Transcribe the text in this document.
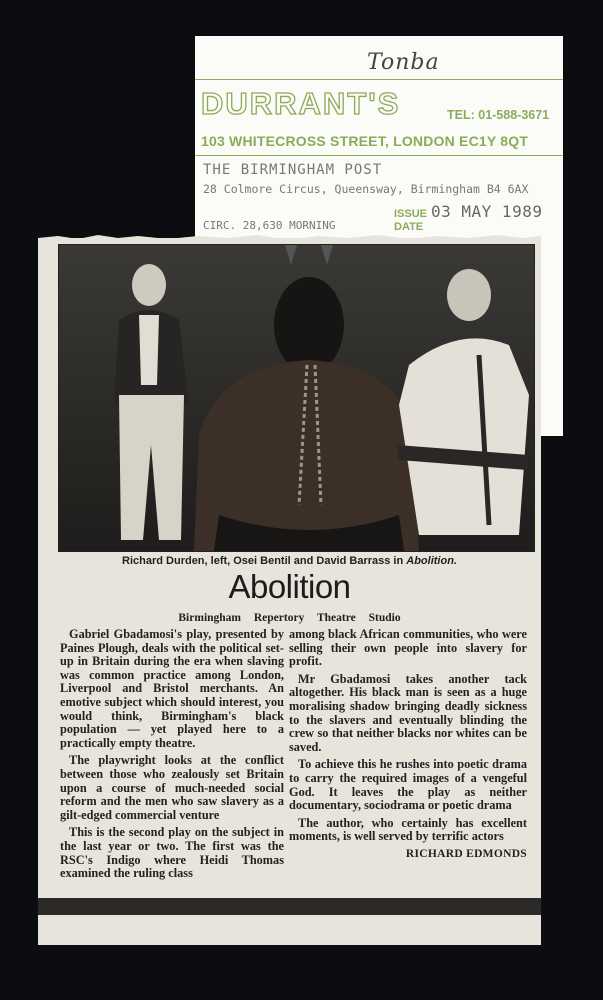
Tonba
DURRANT'S	TEL: 01-588-3671
103 WHITECROSS STREET, LONDON EC1Y 8QT
THE BIRMINGHAM POST
28 Colmore Circus, Queensway, Birmingham B4 6AX
CIRC. 28,630 MORNING
ISSUE
DATE
03 MAY 1989
Richard Durden, left, Osei Bentil and David Barrass in Abolition.
Abolition
Birmingham Repertory Theatre Studio

Gabriel Gbadamosi's play, presented by Paines Plough, deals with the political set-up in Britain during the era when slaving was common practice among London, Liverpool and Bristol merchants. An emotive subject which should interest, you would think, Birmingham's black population — yet played here to a practically empty theatre.

The playwright looks at the conflict between those who zealously set Britain upon a course of much-needed social reform and the men who saw slavery as a gilt-edged commercial venture

This is the second play on the subject in the last year or two. The first was the RSC's Indigo where Heidi Thomas examined the ruling class

among black African communities, who were selling their own people into slavery for profit.

Mr Gbadamosi takes another tack altogether. His black man is seen as a huge moralising shadow bringing deadly sickness to the slavers and eventually blinding the crew so that neither blacks nor whites can be saved.

To achieve this he rushes into poetic drama to carry the required images of a vengeful God. It leaves the play as neither documentary, sociodrama or poetic drama

The author, who certainly has excellent moments, is well served by terrific actors

RICHARD EDMONDS
